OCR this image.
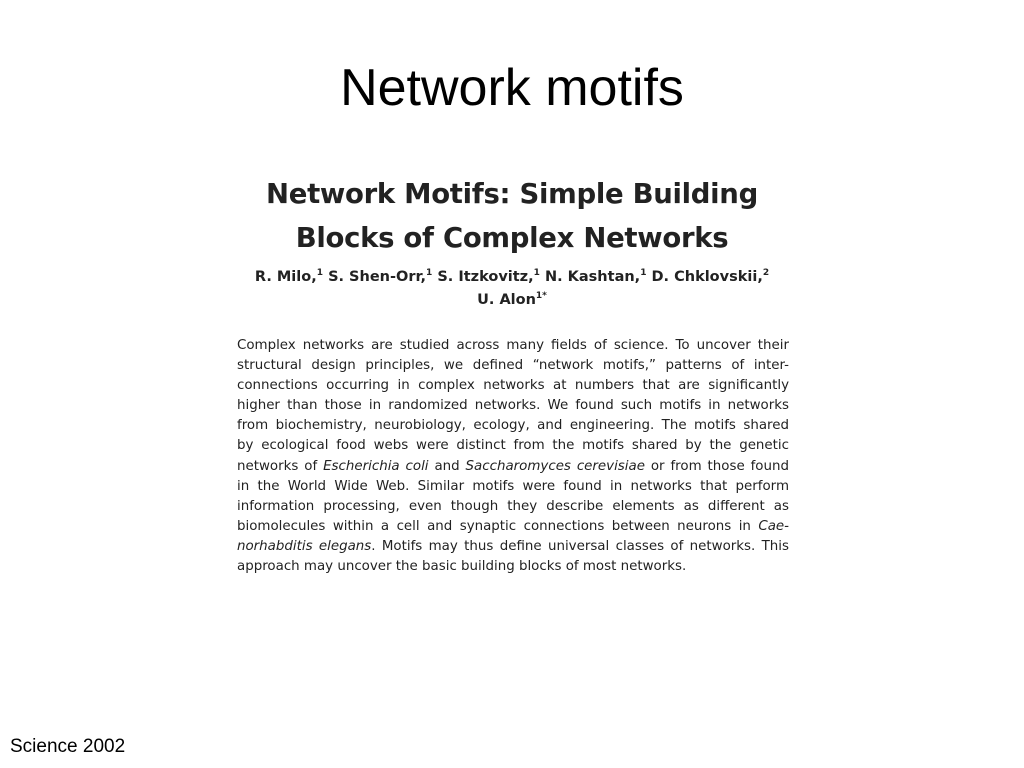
Network motifs
Network Motifs: Simple Building
Blocks of Complex Networks
R. Milo,$^1$ S. Shen-Orr,$^1$ S. Itzkovitz,$^1$ N. Kashtan,$^1$ D. Chklovskii,$^2$
U. Alon$^{1*}$
Complex networks are studied across many fields of science. To uncover their
structural design principles, we defined “network motifs,” patterns of inter-
connections occurring in complex networks at numbers that are significantly
higher than those in randomized networks. We found such motifs in networks
from biochemistry, neurobiology, ecology, and engineering. The motifs shared
by ecological food webs were distinct from the motifs shared by the genetic
networks of Escherichia coli and Saccharomyces cerevisiae or from those found
in the World Wide Web. Similar motifs were found in networks that perform
information processing, even though they describe elements as different as
biomolecules within a cell and synaptic connections between neurons in Cae-
norhabditis elegans. Motifs may thus define universal classes of networks. This
approach may uncover the basic building blocks of most networks.
Science 2002
